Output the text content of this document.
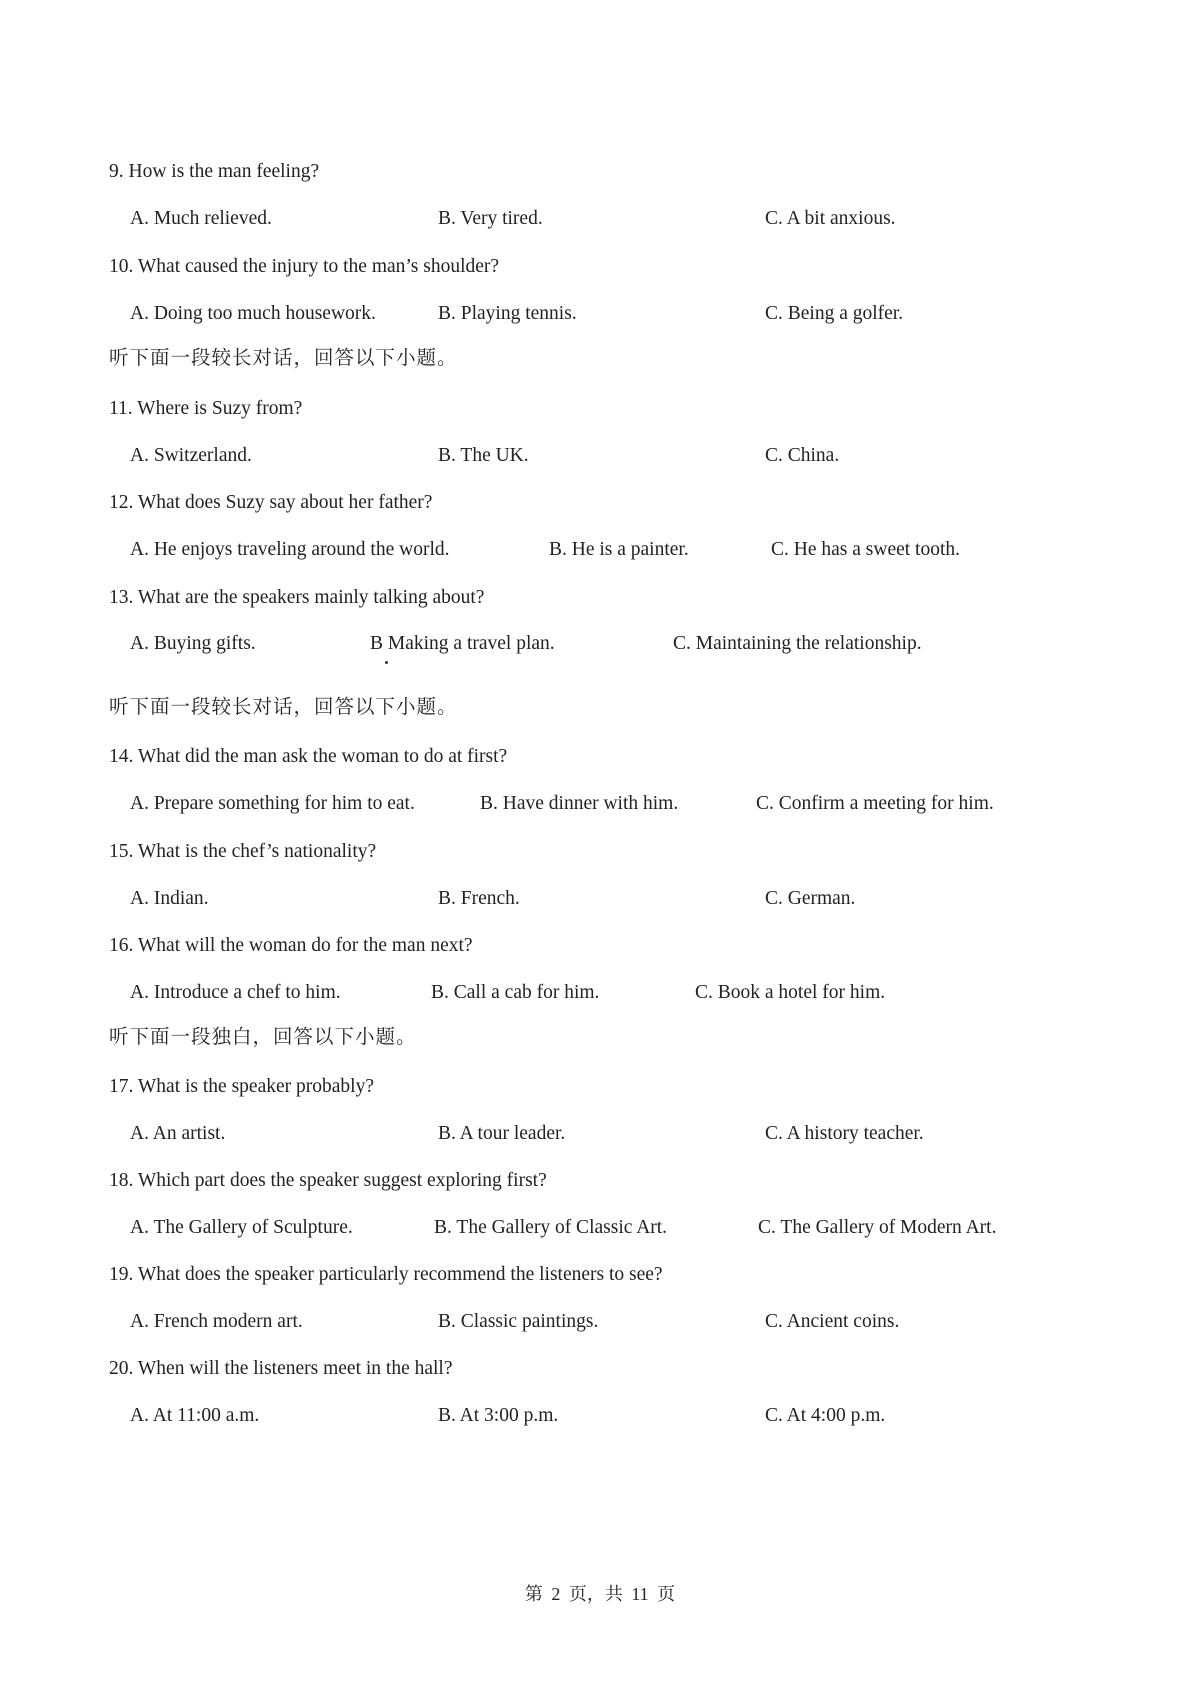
9. How is the man feeling?
A. Much relieved.	B. Very tired.	C. A bit anxious.
10. What caused the injury to the man’s shoulder?
A. Doing too much housework.	B. Playing tennis.	C. Being a golfer.
听下面一段较长对话，回答以下小题。
11. Where is Suzy from?
A. Switzerland.	B. The UK.	C. China.
12. What does Suzy say about her father?
A. He enjoys traveling around the world.	B. He is a painter.	C. He has a sweet tooth.
13. What are the speakers mainly talking about?
A. Buying gifts.	B Making a travel plan.	C. Maintaining the relationship.
听下面一段较长对话，回答以下小题。
14. What did the man ask the woman to do at first?
A. Prepare something for him to eat.	B. Have dinner with him.	C. Confirm a meeting for him.
15. What is the chef’s nationality?
A. Indian.	B. French.	C. German.
16. What will the woman do for the man next?
A. Introduce a chef to him.	B. Call a cab for him.	C. Book a hotel for him.
听下面一段独白，回答以下小题。
17. What is the speaker probably?
A. An artist.	B. A tour leader.	C. A history teacher.
18. Which part does the speaker suggest exploring first?
A. The Gallery of Sculpture.	B. The Gallery of Classic Art.	C. The Gallery of Modern Art.
19. What does the speaker particularly recommend the listeners to see?
A. French modern art.	B. Classic paintings.	C. Ancient coins.
20. When will the listeners meet in the hall?
A. At 11:00 a.m.	B. At 3:00 p.m.	C. At 4:00 p.m.
第 2 页，共 11 页
